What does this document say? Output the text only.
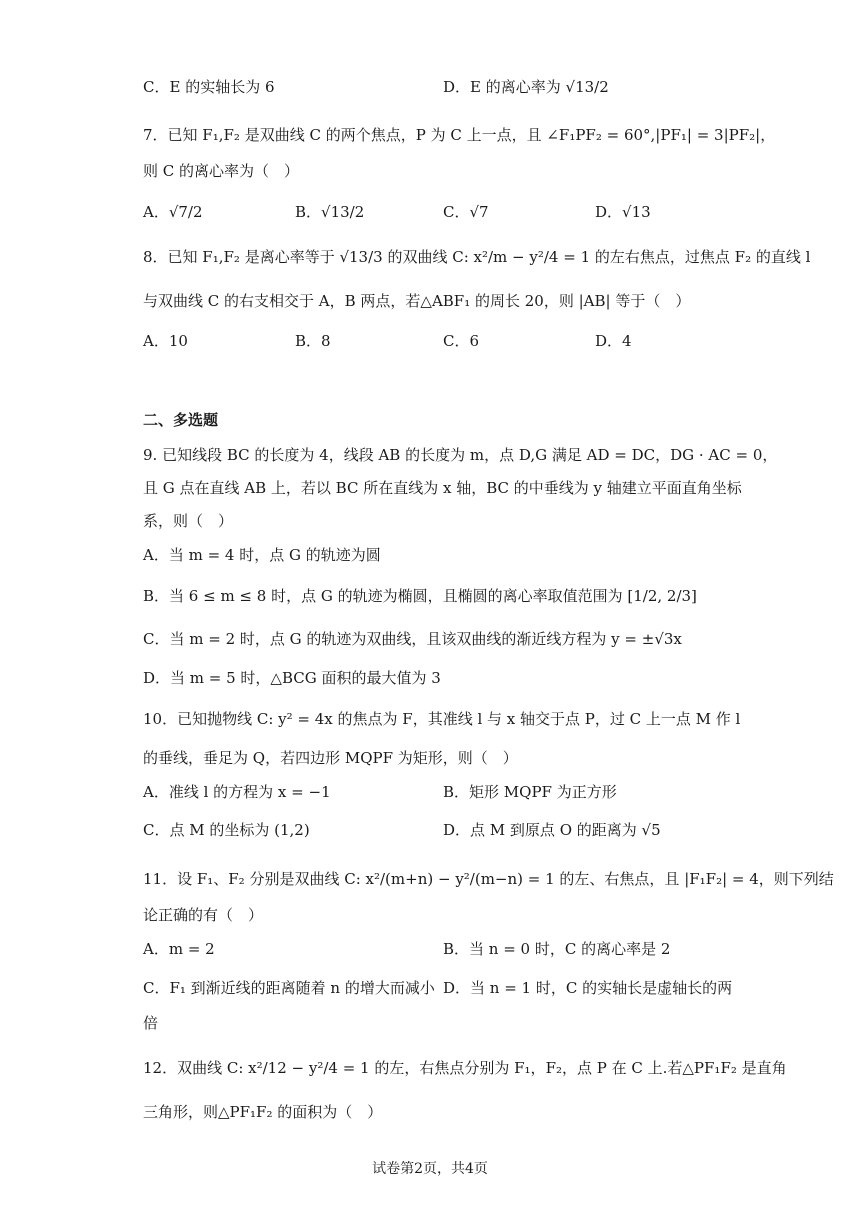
C．E 的实轴长为 6	D．E 的离心率为 √13/2
7．已知 F₁,F₂ 是双曲线 C 的两个焦点，P 为 C 上一点，且 ∠F₁PF₂ = 60°,|PF₁| = 3|PF₂|，
则 C 的离心率为（　）
A．√7/2	B．√13/2	C．√7	D．√13
8．已知 F₁,F₂ 是离心率等于 √13/3 的双曲线 C: x²/m − y²/4 = 1 的左右焦点，过焦点 F₂ 的直线 l
与双曲线 C 的右支相交于 A，B 两点，若△ABF₁ 的周长 20，则 |AB| 等于（　）
A．10	B．8	C．6	D．4
二、多选题
9. 已知线段 BC 的长度为 4，线段 AB 的长度为 m，点 D,G 满足 AD = DC，DG · AC = 0，
且 G 点在直线 AB 上，若以 BC 所在直线为 x 轴，BC 的中垂线为 y 轴建立平面直角坐标
系，则（　）
A．当 m = 4 时，点 G 的轨迹为圆
B．当 6 ≤ m ≤ 8 时，点 G 的轨迹为椭圆，且椭圆的离心率取值范围为 [1/2, 2/3]
C．当 m = 2 时，点 G 的轨迹为双曲线，且该双曲线的渐近线方程为 y = ±√3x
D．当 m = 5 时，△BCG 面积的最大值为 3
10．已知抛物线 C: y² = 4x 的焦点为 F，其准线 l 与 x 轴交于点 P，过 C 上一点 M 作 l
的垂线，垂足为 Q，若四边形 MQPF 为矩形，则（　）
A．准线 l 的方程为 x = −1	B．矩形 MQPF 为正方形
C．点 M 的坐标为 (1,2)	D．点 M 到原点 O 的距离为 √5
11．设 F₁、F₂ 分别是双曲线 C: x²/(m+n) − y²/(m−n) = 1 的左、右焦点，且 |F₁F₂| = 4，则下列结
论正确的有（　）
A．m = 2	B．当 n = 0 时，C 的离心率是 2
C．F₁ 到渐近线的距离随着 n 的增大而减小 D．当 n = 1 时，C 的实轴长是虚轴长的两
倍
12．双曲线 C: x²/12 − y²/4 = 1 的左，右焦点分别为 F₁，F₂，点 P 在 C 上.若△PF₁F₂ 是直角
三角形，则△PF₁F₂ 的面积为（　）
试卷第2页，共4页
